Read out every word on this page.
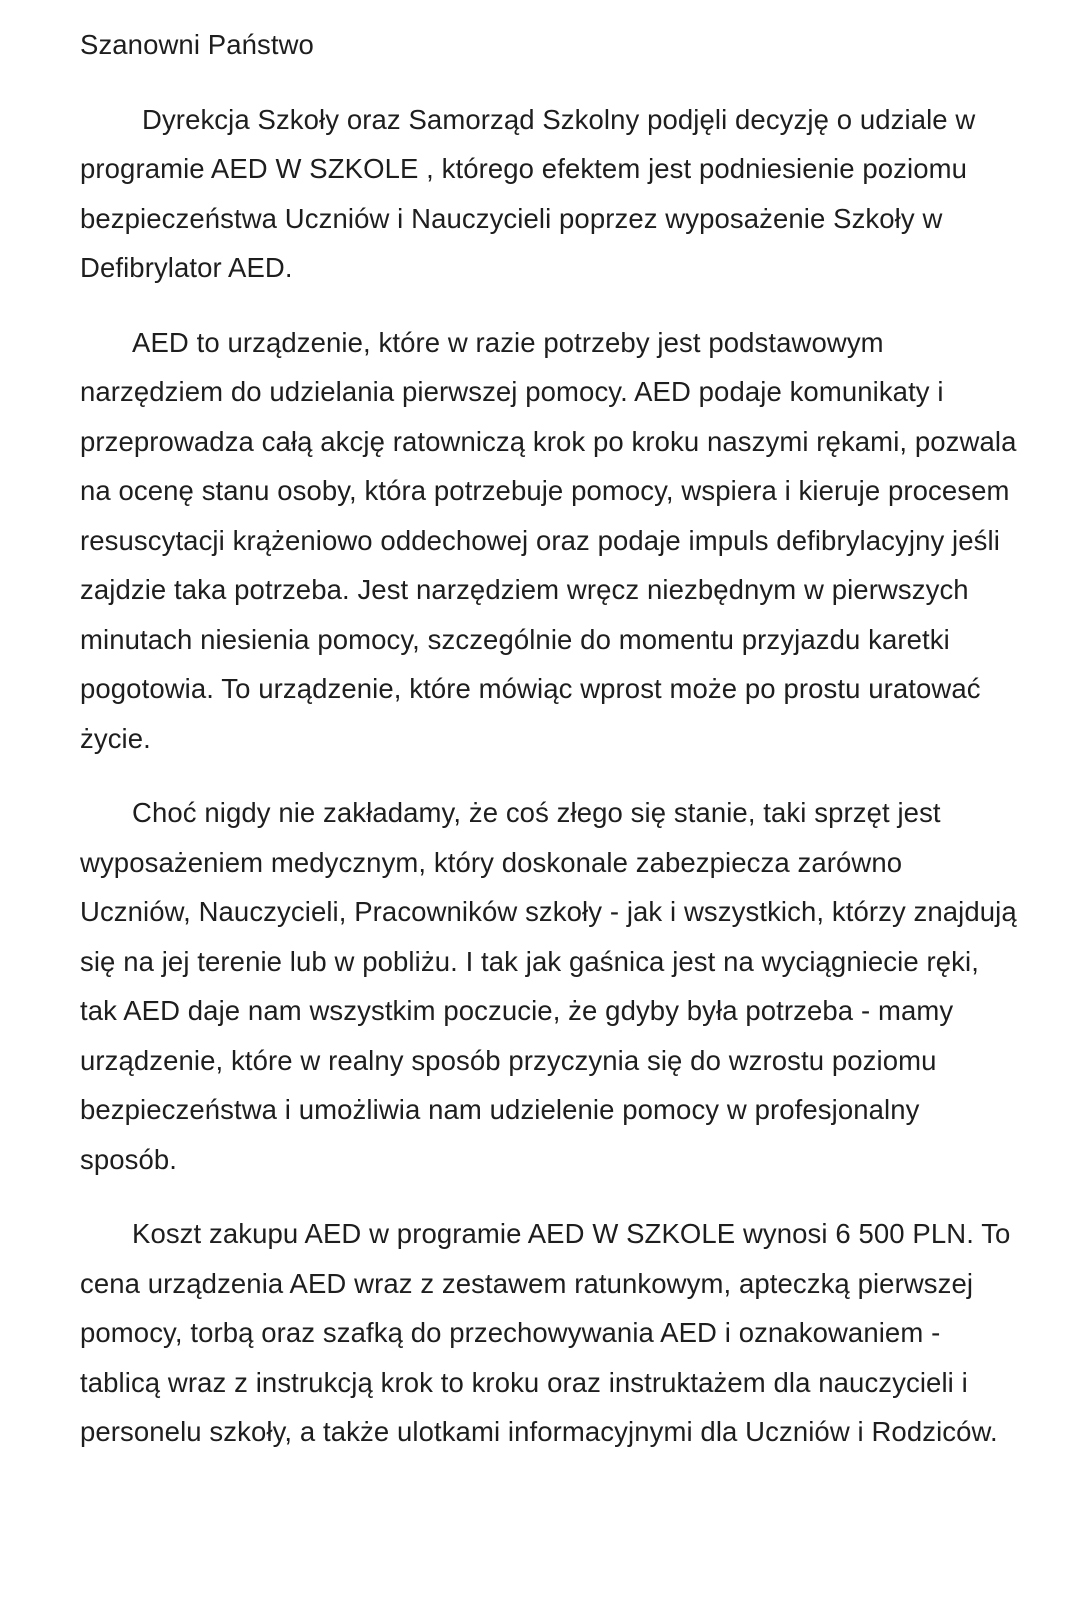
Szanowni Państwo

Dyrekcja Szkoły oraz Samorząd Szkolny podjęli decyzję o udziale w programie AED W SZKOLE , którego efektem jest podniesienie poziomu bezpieczeństwa Uczniów i Nauczycieli poprzez wyposażenie Szkoły w Defibrylator AED.

AED to urządzenie, które w razie potrzeby jest podstawowym narzędziem do udzielania pierwszej pomocy. AED podaje komunikaty i przeprowadza całą akcję ratowniczą krok po kroku naszymi rękami, pozwala na ocenę stanu osoby, która potrzebuje pomocy, wspiera i kieruje procesem resuscytacji krążeniowo oddechowej oraz podaje impuls defibrylacyjny jeśli zajdzie taka potrzeba. Jest narzędziem wręcz niezbędnym w pierwszych minutach niesienia pomocy, szczególnie do momentu przyjazdu karetki pogotowia. To urządzenie, które mówiąc wprost może po prostu uratować życie.

Choć nigdy nie zakładamy, że coś złego się stanie, taki sprzęt jest wyposażeniem medycznym, który doskonale zabezpiecza zarówno Uczniów, Nauczycieli, Pracowników szkoły - jak i wszystkich, którzy znajdują się na jej terenie lub w pobliżu. I tak jak gaśnica jest na wyciągniecie ręki, tak AED daje nam wszystkim poczucie, że gdyby była potrzeba - mamy urządzenie, które w realny sposób przyczynia się do wzrostu poziomu bezpieczeństwa i umożliwia nam udzielenie pomocy w profesjonalny sposób.

Koszt zakupu AED w programie AED W SZKOLE wynosi 6 500 PLN. To cena urządzenia AED wraz z zestawem ratunkowym, apteczką pierwszej pomocy, torbą oraz szafką do przechowywania AED i oznakowaniem - tablicą wraz z instrukcją krok to kroku oraz instruktażem dla nauczycieli i personelu szkoły, a także ulotkami informacyjnymi dla Uczniów i Rodziców.
